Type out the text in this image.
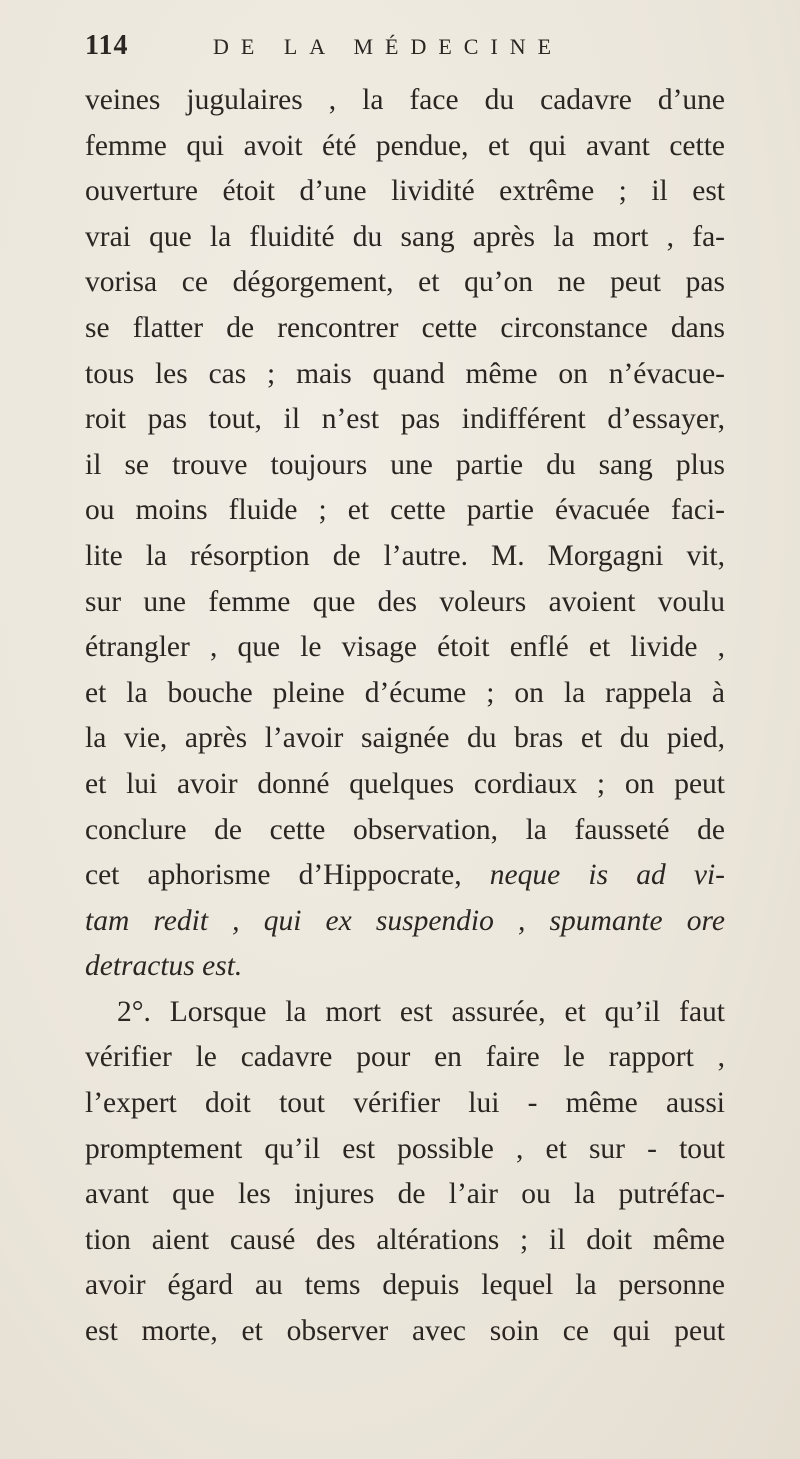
114	DE LA MÉDECINE
veines jugulaires , la face du cadavre d’une
femme qui avoit été pendue, et qui avant cette
ouverture étoit d’une lividité extrême ; il est
vrai que la fluidité du sang après la mort , fa-
vorisa ce dégorgement, et qu’on ne peut pas
se flatter de rencontrer cette circonstance dans
tous les cas ; mais quand même on n’évacue-
roit pas tout, il n’est pas indifférent d’essayer,
il se trouve toujours une partie du sang plus
ou moins fluide ; et cette partie évacuée faci-
lite la résorption de l’autre. M. Morgagni vit,
sur une femme que des voleurs avoient voulu
étrangler , que le visage étoit enflé et livide ,
et la bouche pleine d’écume ; on la rappela à
la vie, après l’avoir saignée du bras et du pied,
et lui avoir donné quelques cordiaux ; on peut
conclure de cette observation, la fausseté de
cet aphorisme d’Hippocrate, neque is ad vi-
tam redit , qui ex suspendio , spumante ore
detractus est.
2°. Lorsque la mort est assurée, et qu’il faut
vérifier le cadavre pour en faire le rapport ,
l’expert doit tout vérifier lui - même aussi
promptement qu’il est possible , et sur - tout
avant que les injures de l’air ou la putréfac-
tion aient causé des altérations ; il doit même
avoir égard au tems depuis lequel la personne
est morte, et observer avec soin ce qui peut
